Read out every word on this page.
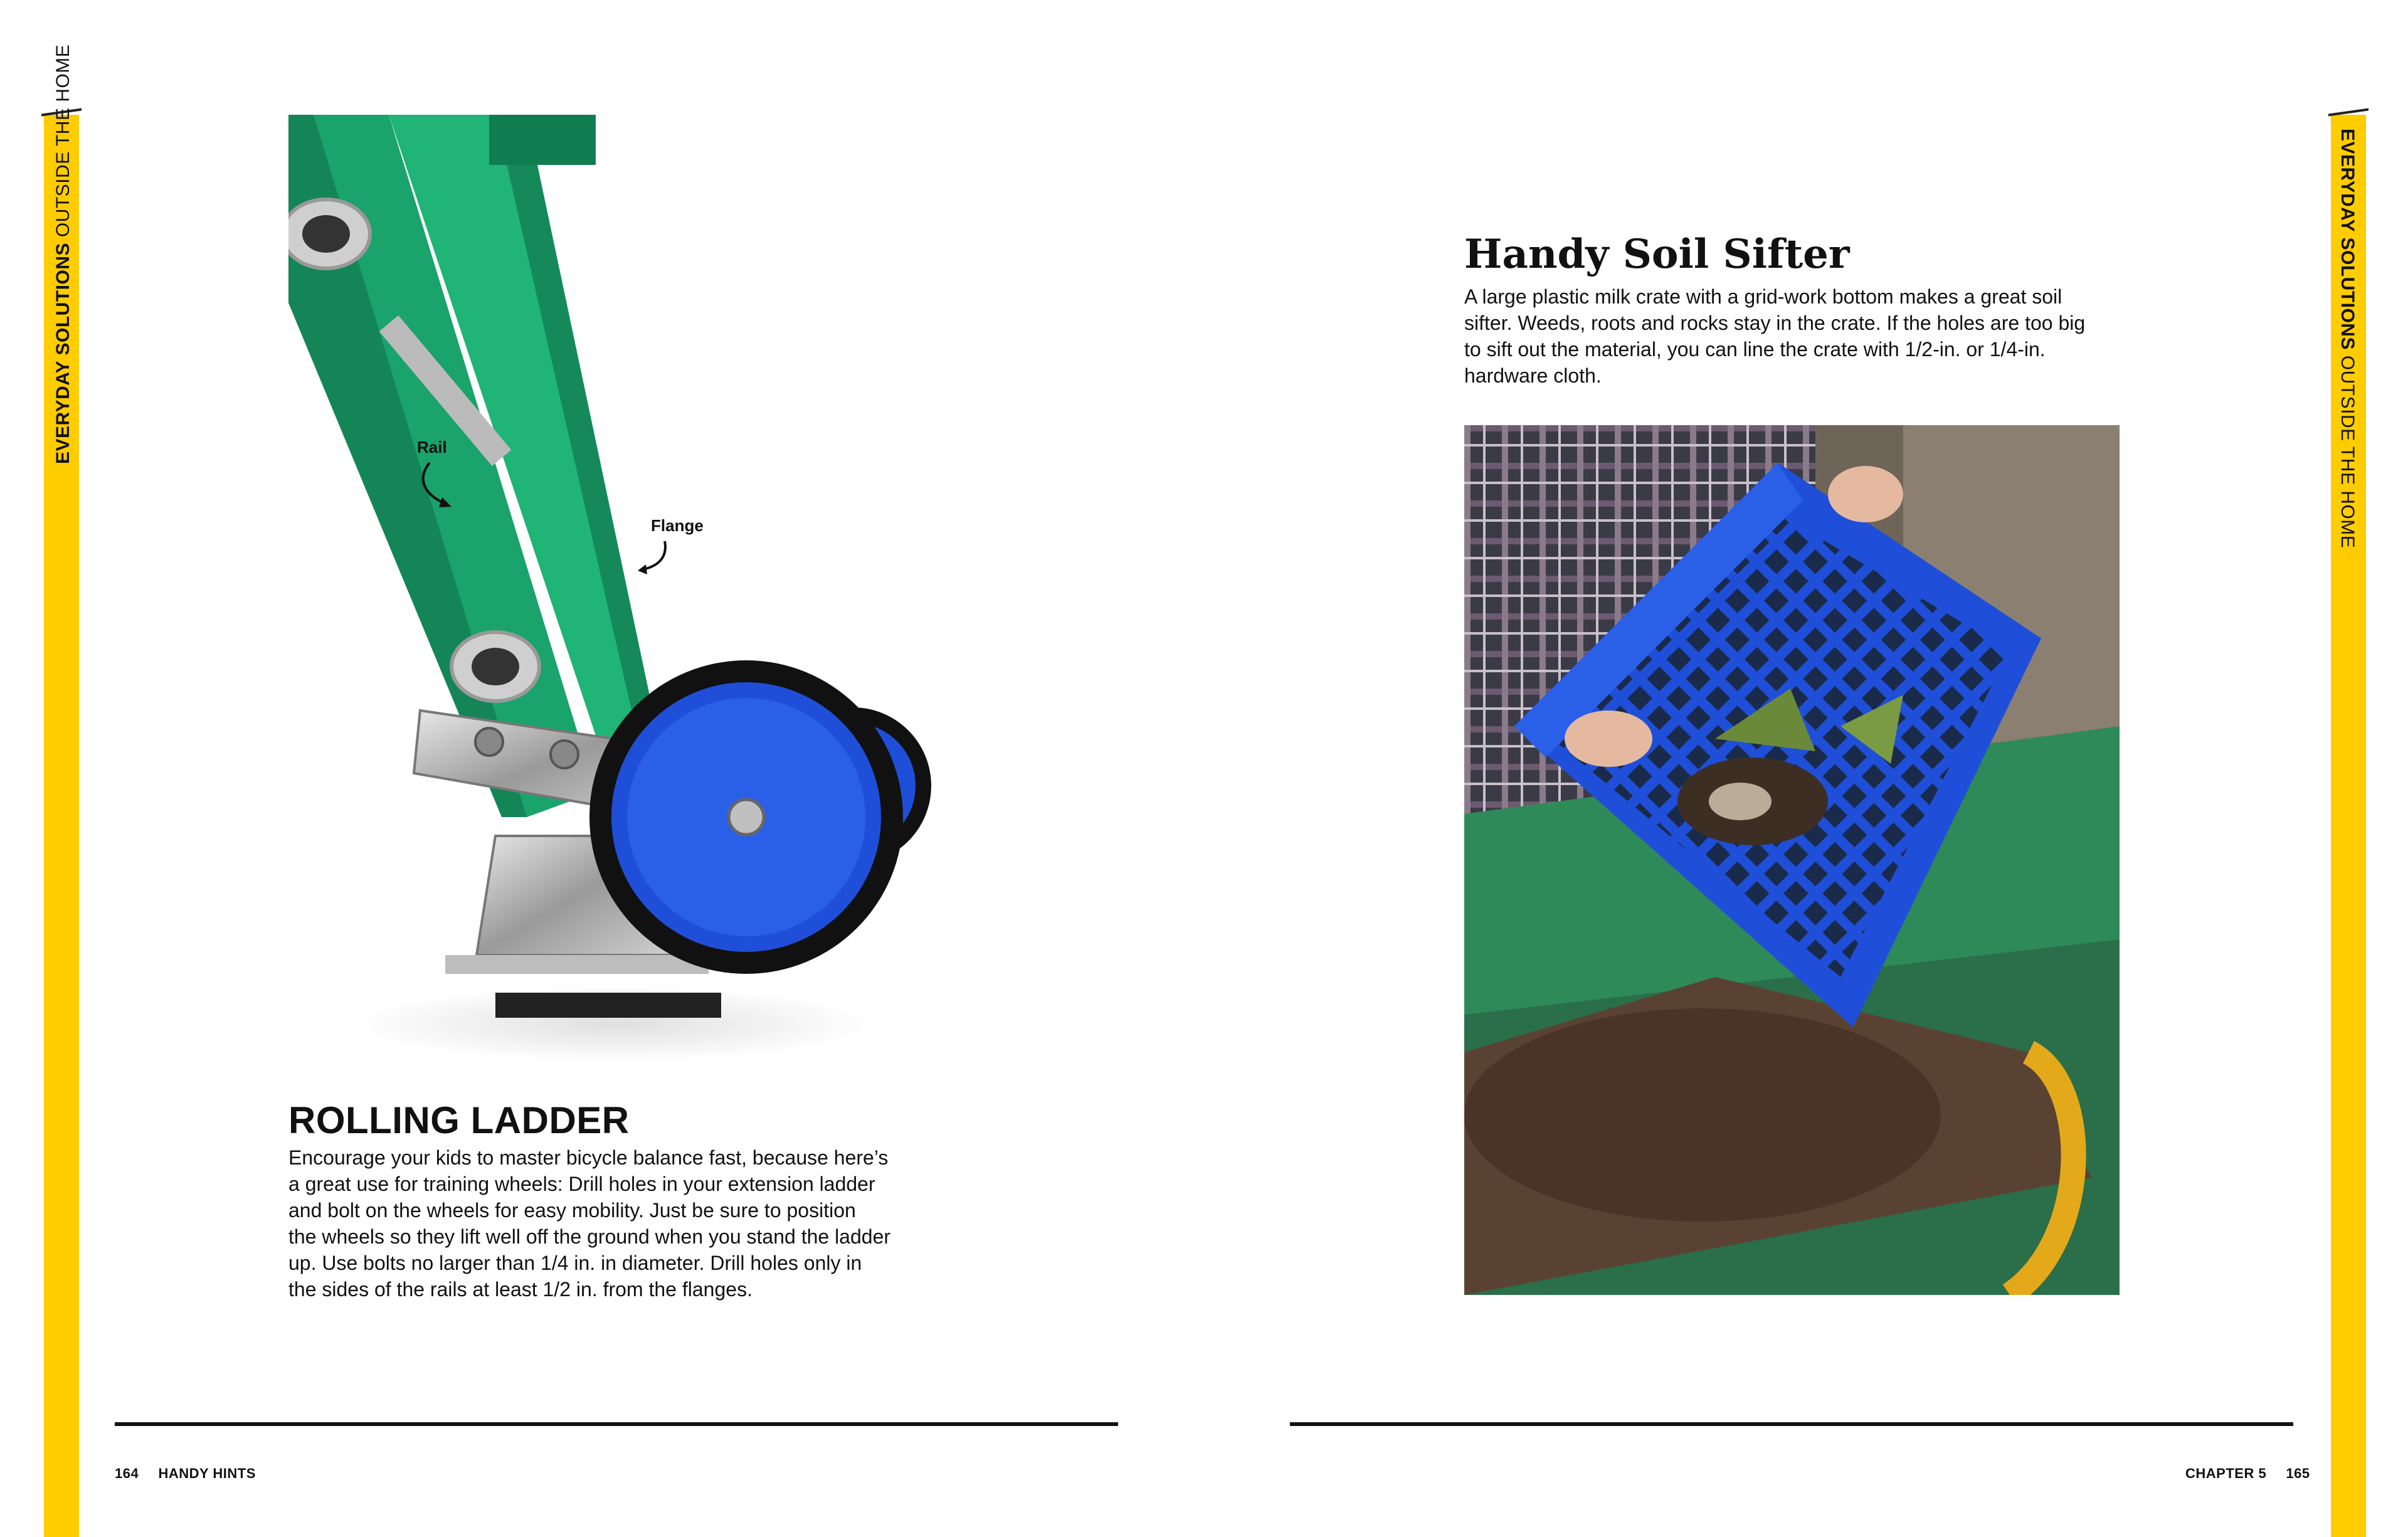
EVERYDAY SOLUTIONS OUTSIDE THE HOME	EVERYDAY SOLUTIONS OUTSIDE THE HOME
Rail
Flange
ROLLING LADDER
Encourage your kids to master bicycle balance fast, because here’s
a great use for training wheels: Drill holes in your extension ladder
and bolt on the wheels for easy mobility. Just be sure to position
the wheels so they lift well off the ground when you stand the ladder
up. Use bolts no larger than 1/4 in. in diameter. Drill holes only in
the sides of the rails at least 1/2 in. from the flanges.
Handy Soil Sifter
A large plastic milk crate with a grid-work bottom makes a great soil
sifter. Weeds, roots and rocks stay in the crate. If the holes are too big
to sift out the material, you can line the crate with 1/2-in. or 1/4-in.
hardware cloth.
164 HANDY HINTS	CHAPTER 5 165
